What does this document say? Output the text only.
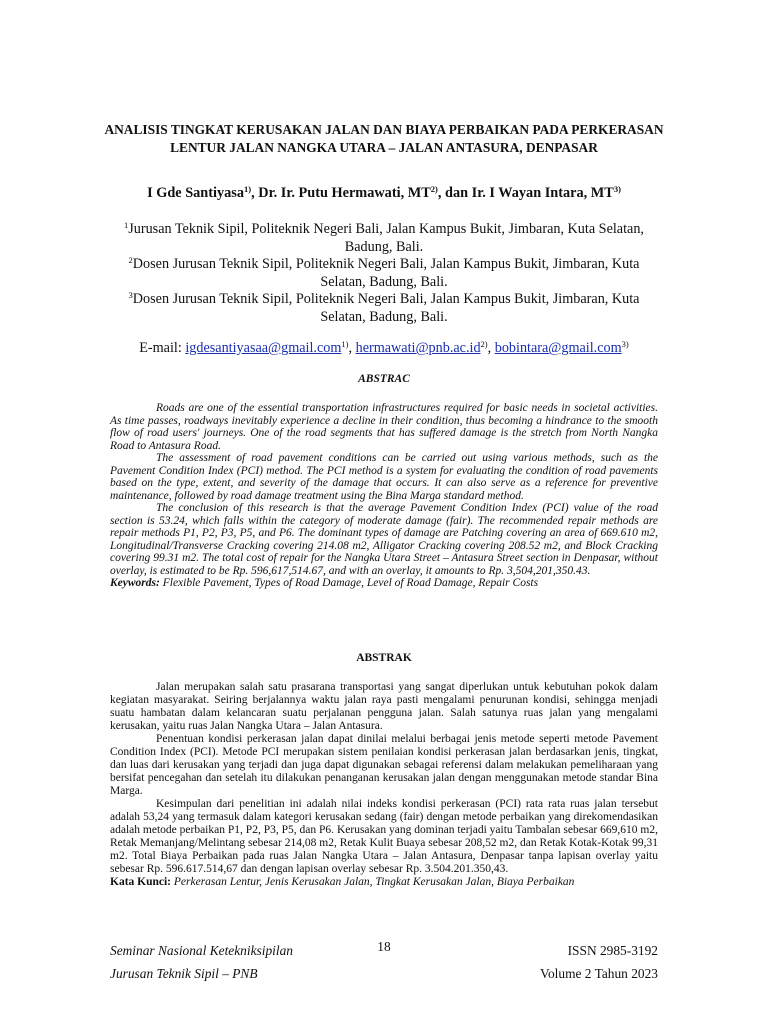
ANALISIS TINGKAT KERUSAKAN JALAN DAN BIAYA PERBAIKAN PADA PERKERASAN LENTUR JALAN NANGKA UTARA – JALAN ANTASURA, DENPASAR
I Gde Santiyasa$^{1)}$, Dr. Ir. Putu Hermawati, MT$^{2)}$, dan Ir. I Wayan Intara, MT$^{3)}$

$^1$Jurusan Teknik Sipil, Politeknik Negeri Bali, Jalan Kampus Bukit, Jimbaran, Kuta Selatan, Badung, Bali.

$^2$Dosen Jurusan Teknik Sipil, Politeknik Negeri Bali, Jalan Kampus Bukit, Jimbaran, Kuta Selatan, Badung, Bali.

$^3$Dosen Jurusan Teknik Sipil, Politeknik Negeri Bali, Jalan Kampus Bukit, Jimbaran, Kuta Selatan, Badung, Bali.

E-mail: igdesantiyasaa@gmail.com$^{1)}$, $hermawati@pnb.ac.id^{2)}$, bobintara@gmail.com$^{3)}$
ABSTRAC

Roads are one of the essential transportation infrastructures required for basic needs in societal activities. As time passes, roadways inevitably experience a decline in their condition, thus becoming a hindrance to the smooth flow of road users' journeys. One of the road segments that has suffered damage is the stretch from North Nangka Road to Antasura Road.

The assessment of road pavement conditions can be carried out using various methods, such as the Pavement Condition Index (PCI) method. The PCI method is a system for evaluating the condition of road pavements based on the type, extent, and severity of the damage that occurs. It can also serve as a reference for preventive maintenance, followed by road damage treatment using the Bina Marga standard method.

The conclusion of this research is that the average Pavement Condition Index (PCI) value of the road section is 53.24, which falls within the category of moderate damage (fair). The recommended repair methods are repair methods P1, P2, P3, P5, and P6. The dominant types of damage are Patching covering an area of 669.610 m2, Longitudinal/Transverse Cracking covering 214.08 m2, Alligator Cracking covering 208.52 m2, and Block Cracking covering 99.31 m2. The total cost of repair for the Nangka Utara Street – Antasura Street section in Denpasar, without overlay, is estimated to be Rp. 596,617,514.67, and with an overlay, it amounts to Rp. 3,504,201,350.43.

Keywords: Flexible Pavement, Types of Road Damage, Level of Road Damage, Repair Costs
ABSTRAK

Jalan merupakan salah satu prasarana transportasi yang sangat diperlukan untuk kebutuhan pokok dalam kegiatan masyarakat. Seiring berjalannya waktu jalan raya pasti mengalami penurunan kondisi, sehingga menjadi suatu hambatan dalam kelancaran suatu perjalanan pengguna jalan. Salah satunya ruas jalan yang mengalami kerusakan, yaitu ruas Jalan Nangka Utara – Jalan Antasura.

Penentuan kondisi perkerasan jalan dapat dinilai melalui berbagai jenis metode seperti metode Pavement Condition Index (PCI). Metode PCI merupakan sistem penilaian kondisi perkerasan jalan berdasarkan jenis, tingkat, dan luas dari kerusakan yang terjadi dan juga dapat digunakan sebagai referensi dalam melakukan pemeliharaan yang bersifat pencegahan dan setelah itu dilakukan penanganan kerusakan jalan dengan menggunakan metode standar Bina Marga.

Kesimpulan dari penelitian ini adalah nilai indeks kondisi perkerasan (PCI) rata rata ruas jalan tersebut adalah 53,24 yang termasuk dalam kategori kerusakan sedang (fair) dengan metode perbaikan yang direkomendasikan adalah metode perbaikan P1, P2, P3, P5, dan P6. Kerusakan yang dominan terjadi yaitu Tambalan sebesar 669,610 m2, Retak Memanjang/Melintang sebesar 214,08 m2, Retak Kulit Buaya sebesar 208,52 m2, dan Retak Kotak-Kotak 99,31 m2. Total Biaya Perbaikan pada ruas Jalan Nangka Utara – Jalan Antasura, Denpasar tanpa lapisan overlay yaitu sebesar Rp. 596.617.514,67 dan dengan lapisan overlay sebesar Rp. 3.504.201.350,43.

Kata Kunci: Perkerasan Lentur, Jenis Kerusakan Jalan, Tingkat Kerusakan Jalan, Biaya Perbaikan

Seminar Nasional Keteknik​sipilan
Jurusan Teknik Sipil – PNB
18	ISSN 2985-3192
Volume 2 Tahun 2023
